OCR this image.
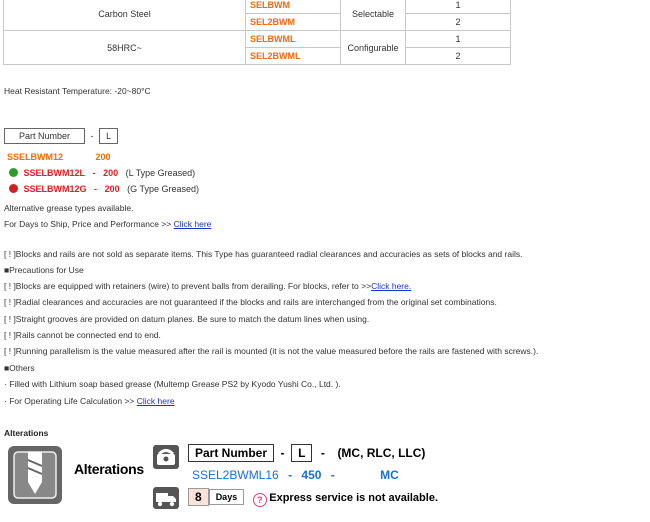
Carbon Steel	SELBWM	Selectable	1
	SEL2BWM		2
58HRC~	SELBWML	Configurable	1
	SEL2BWML		2
Heat Resistant Temperature: -20~80°C
Part Number - L
SSELBWM12	200
SSELBWM12L - 200 (L Type Greased)
SSELBWM12G - 200 (G Type Greased)
Alternative grease types available.
For Days to Ship, Price and Performance >> Click here
[ ! ]Blocks and rails are not sold as separate items. This Type has guaranteed radial clearances and accuracies as sets of blocks and rails.
■Precautions for Use
[ ! ]Blocks are equipped with retainers (wire) to prevent balls from derailing. For blocks, refer to >>Click here.
[ ! ]Radial clearances and accuracies are not guaranteed if the blocks and rails are interchanged from the original set combinations.
[ ! ]Straight grooves are provided on datum planes. Be sure to match the datum lines when using.
[ ! ]Rails cannot be connected end to end.
[ ! ]Running parallelism is the value measured after the rail is mounted (it is not the value measured before the rails are fastened with screws.).
■Others
· Filled with Lithium soap based grease (Multemp Grease PS2 by Kyodo Yushi Co., Ltd. ).
· For Operating Life Calculation >> Click here
Alterations
Alterations
Part Number - L - (MC, RLC, LLC)
SSEL2BWML16 - 450 -	MC
8 Days ? Express service is not available.
